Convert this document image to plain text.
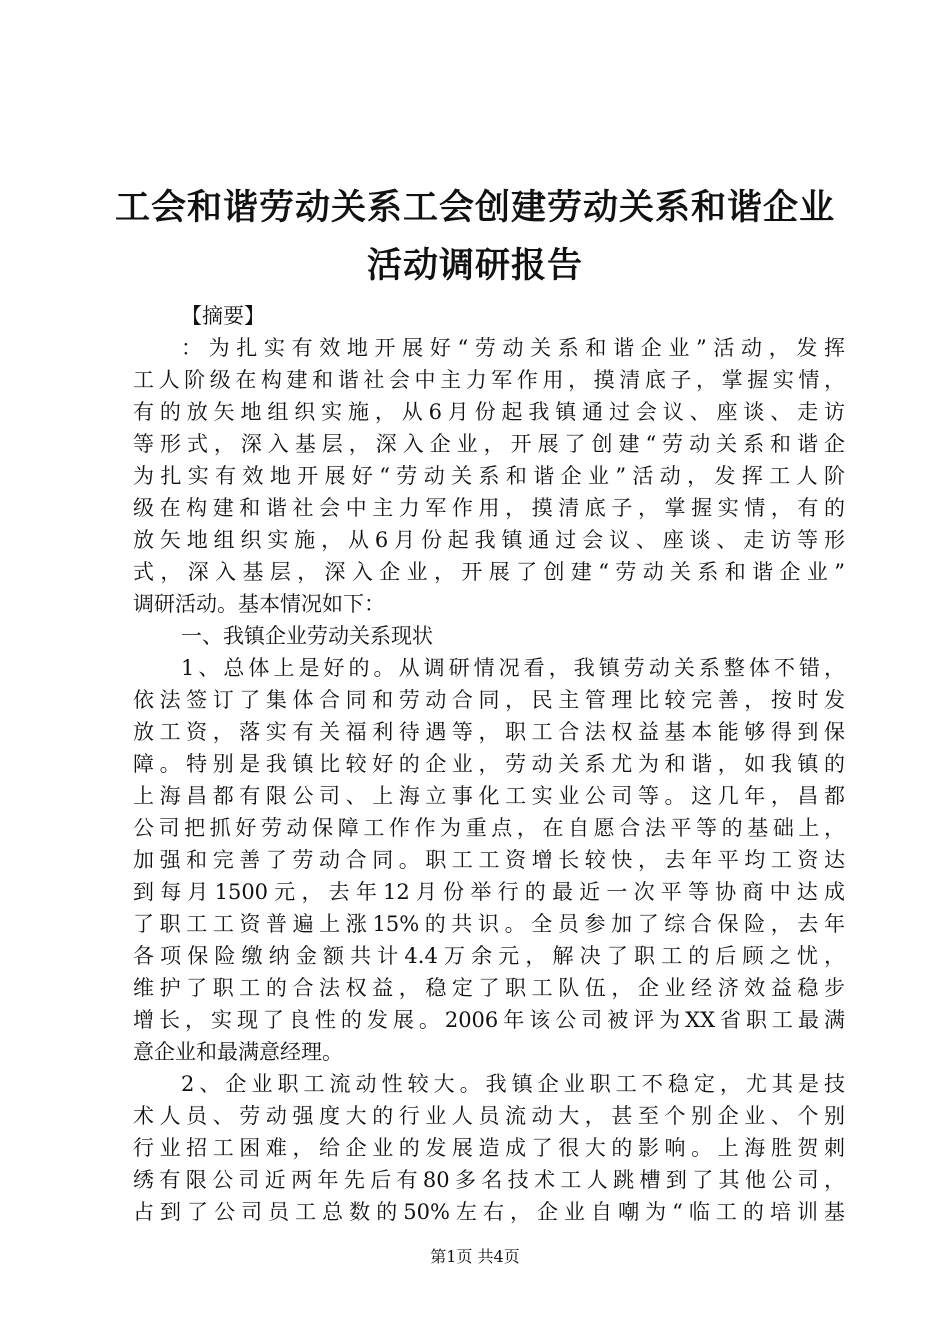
工会和谐劳动关系工会创建劳动关系和谐企业
活动调研报告
【摘要】
：为扎实有效地开展好“劳动关系和谐企业”活动，发挥
工人阶级在构建和谐社会中主力军作用，摸清底子，掌握实情，
有的放矢地组织实施，从6月份起我镇通过会议、座谈、走访
等形式，深入基层，深入企业，开展了创建“劳动关系和谐企
为扎实有效地开展好“劳动关系和谐企业”活动，发挥工人阶
级在构建和谐社会中主力军作用，摸清底子，掌握实情，有的
放矢地组织实施，从6月份起我镇通过会议、座谈、走访等形
式，深入基层，深入企业，开展了创建“劳动关系和谐企业”
调研活动。基本情况如下：
一、我镇企业劳动关系现状
1、总体上是好的。从调研情况看，我镇劳动关系整体不错，
依法签订了集体合同和劳动合同，民主管理比较完善，按时发
放工资，落实有关福利待遇等，职工合法权益基本能够得到保
障。特别是我镇比较好的企业，劳动关系尤为和谐，如我镇的
上海昌都有限公司、上海立事化工实业公司等。这几年，昌都
公司把抓好劳动保障工作作为重点，在自愿合法平等的基础上，
加强和完善了劳动合同。职工工资增长较快，去年平均工资达
到每月1500元，去年12月份举行的最近一次平等协商中达成
了职工工资普遍上涨15%的共识。全员参加了综合保险，去年
各项保险缴纳金额共计4.4万余元，解决了职工的后顾之忧，
维护了职工的合法权益，稳定了职工队伍，企业经济效益稳步
增长，实现了良性的发展。2006年该公司被评为XX省职工最满
意企业和最满意经理。
2、企业职工流动性较大。我镇企业职工不稳定，尤其是技
术人员、劳动强度大的行业人员流动大，甚至个别企业、个别
行业招工困难，给企业的发展造成了很大的影响。上海胜贺刺
绣有限公司近两年先后有80多名技术工人跳槽到了其他公司，
占到了公司员工总数的50%左右，企业自嘲为“临工的培训基
第1页 共4页
